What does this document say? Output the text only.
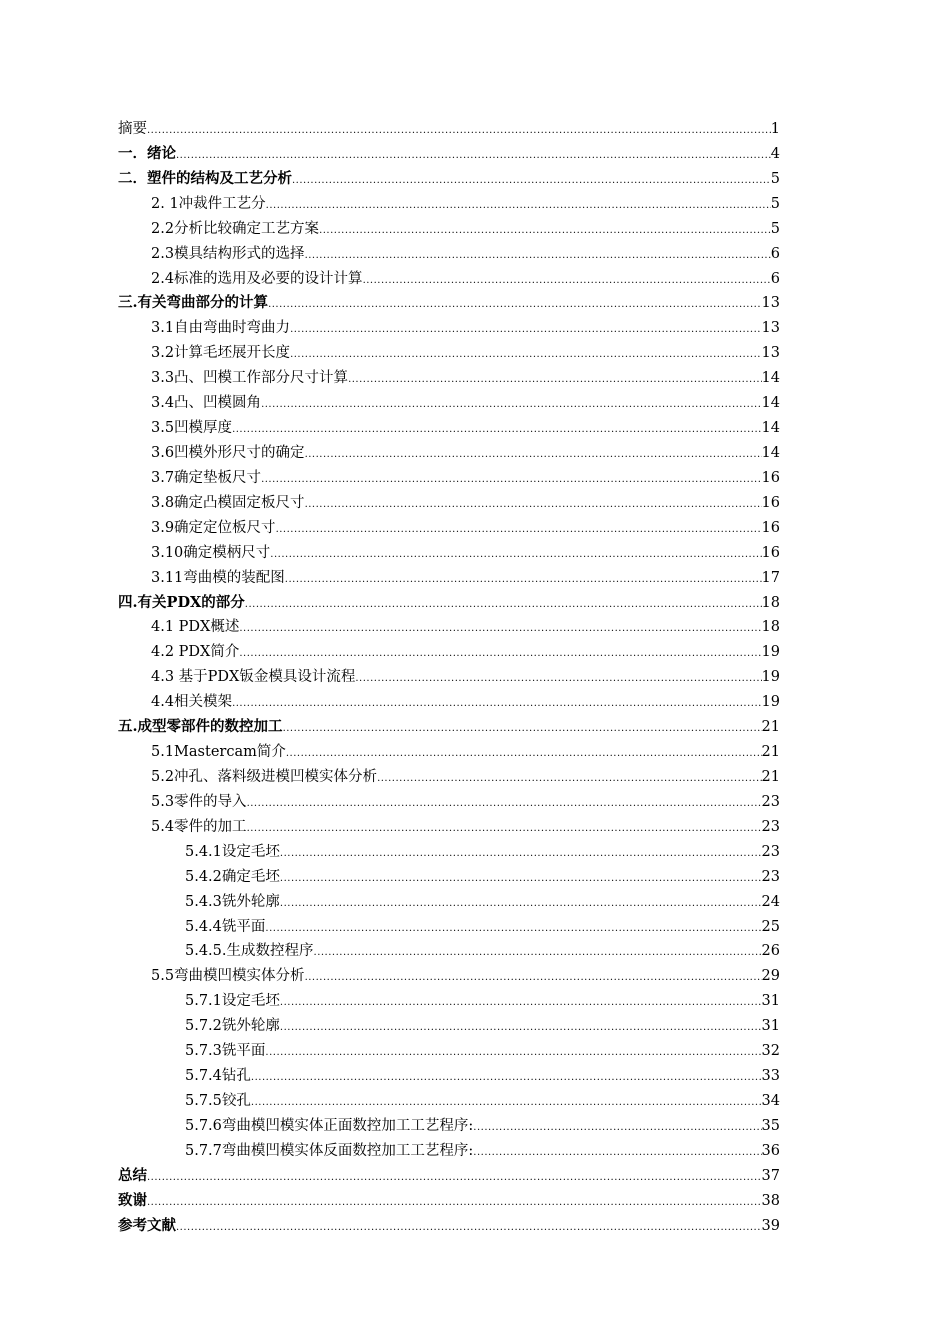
摘要 .....	1
一．绪论 .....	4
二．塑件的结构及工艺分析 .....	5
2. 1冲裁件工艺分 .....	5
2.2分析比较确定工艺方案 .....	5
2.3模具结构形式的选择 .....	6
2.4标准的选用及必要的设计计算 .....	6
三.有关弯曲部分的计算 .....	13
3.1自由弯曲时弯曲力 .....	13
3.2计算毛坯展开长度 .....	13
3.3凸、凹模工作部分尺寸计算 .....	14
3.4凸、凹模圆角 .....	14
3.5凹模厚度 .....	14
3.6凹模外形尺寸的确定 .....	14
3.7确定垫板尺寸 .....	16
3.8确定凸模固定板尺寸 .....	16
3.9确定定位板尺寸 .....	16
3.10确定模柄尺寸 .....	16
3.11弯曲模的装配图 .....	17
四.有关PDX的部分 .....	18
4.1 PDX概述 .....	18
4.2 PDX简介 .....	19
4.3 基于PDX钣金模具设计流程 .....	19
4.4相关模架 .....	19
五.成型零部件的数控加工 .....	21
5.1Mastercam简介 .....	21
5.2冲孔、落料级进模凹模实体分析 .....	21
5.3零件的导入 .....	23
5.4零件的加工 .....	23
5.4.1设定毛坯 .....	23
5.4.2确定毛坯 .....	23
5.4.3铣外轮廓 .....	24
5.4.4铣平面 .....	25
5.4.5.生成数控程序 .....	26
5.5弯曲模凹模实体分析 .....	29
5.7.1设定毛坯 .....	31
5.7.2铣外轮廓 .....	31
5.7.3铣平面 .....	32
5.7.4钻孔 .....	33
5.7.5铰孔 .....	34
5.7.6弯曲模凹模实体正面数控加工工艺程序: .....	35
5.7.7弯曲模凹模实体反面数控加工工艺程序: .....	36
总结 .....	37
致谢 .....	38
参考文献 .....	39
